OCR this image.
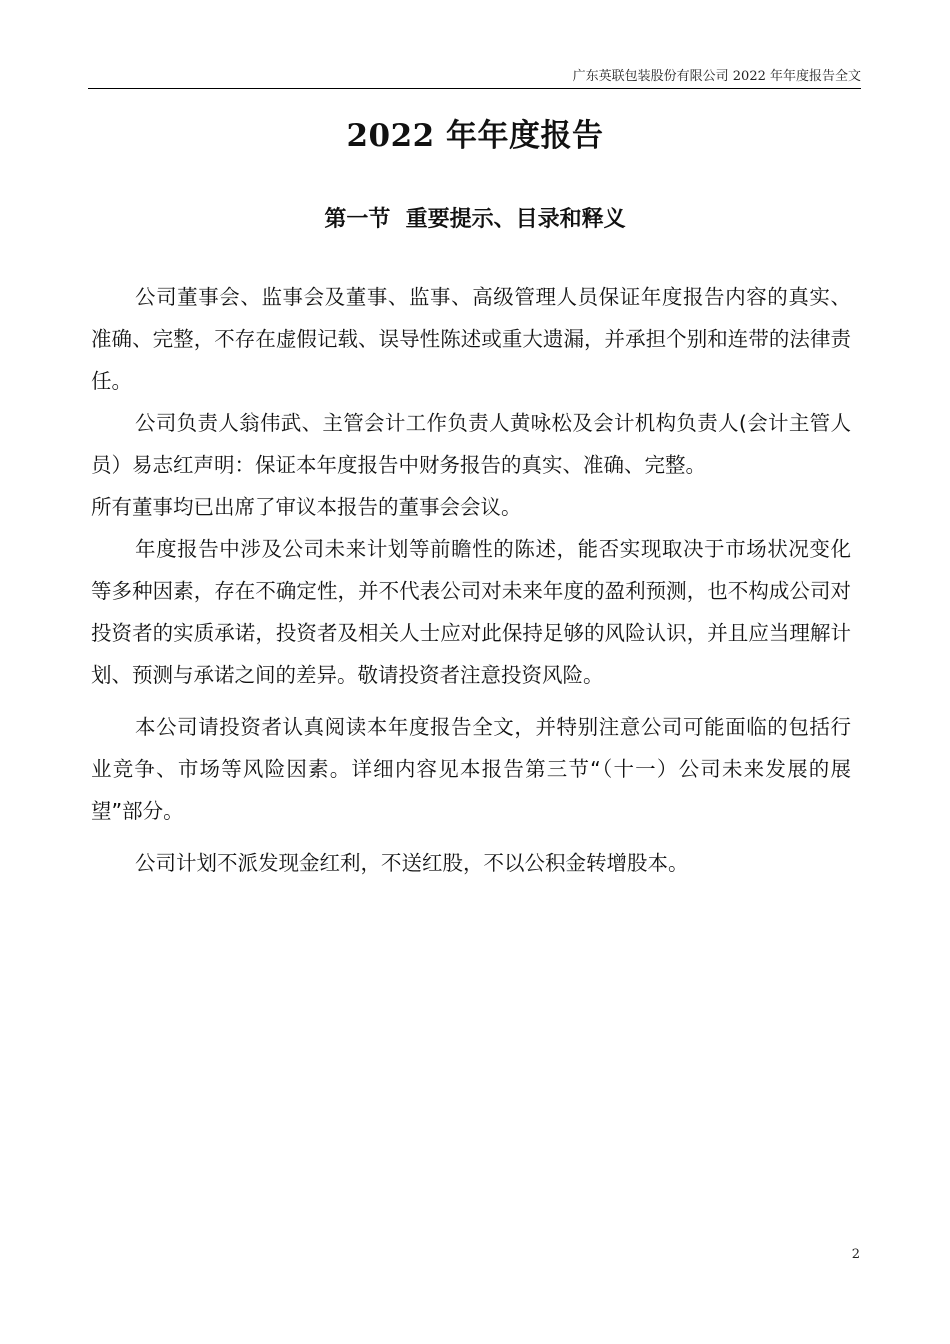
广东英联包装股份有限公司 2022 年年度报告全文
2022 年年度报告
第一节  重要提示、目录和释义

公司董事会、监事会及董事、监事、高级管理人员保证年度报告内容的真实、准确、完整，不存在虚假记载、误导性陈述或重大遗漏，并承担个别和连带的法律责任。

公司负责人翁伟武、主管会计工作负责人黄咏松及会计机构负责人(会计主管人员）易志红声明：保证本年度报告中财务报告的真实、准确、完整。

所有董事均已出席了审议本报告的董事会会议。

年度报告中涉及公司未来计划等前瞻性的陈述，能否实现取决于市场状况变化等多种因素，存在不确定性，并不代表公司对未来年度的盈利预测，也不构成公司对投资者的实质承诺，投资者及相关人士应对此保持足够的风险认识，并且应当理解计划、预测与承诺之间的差异。敬请投资者注意投资风险。

本公司请投资者认真阅读本年度报告全文，并特别注意公司可能面临的包括行业竞争、市场等风险因素。详细内容见本报告第三节“（十一）公司未来发展的展望”部分。

公司计划不派发现金红利，不送红股，不以公积金转增股本。

2
